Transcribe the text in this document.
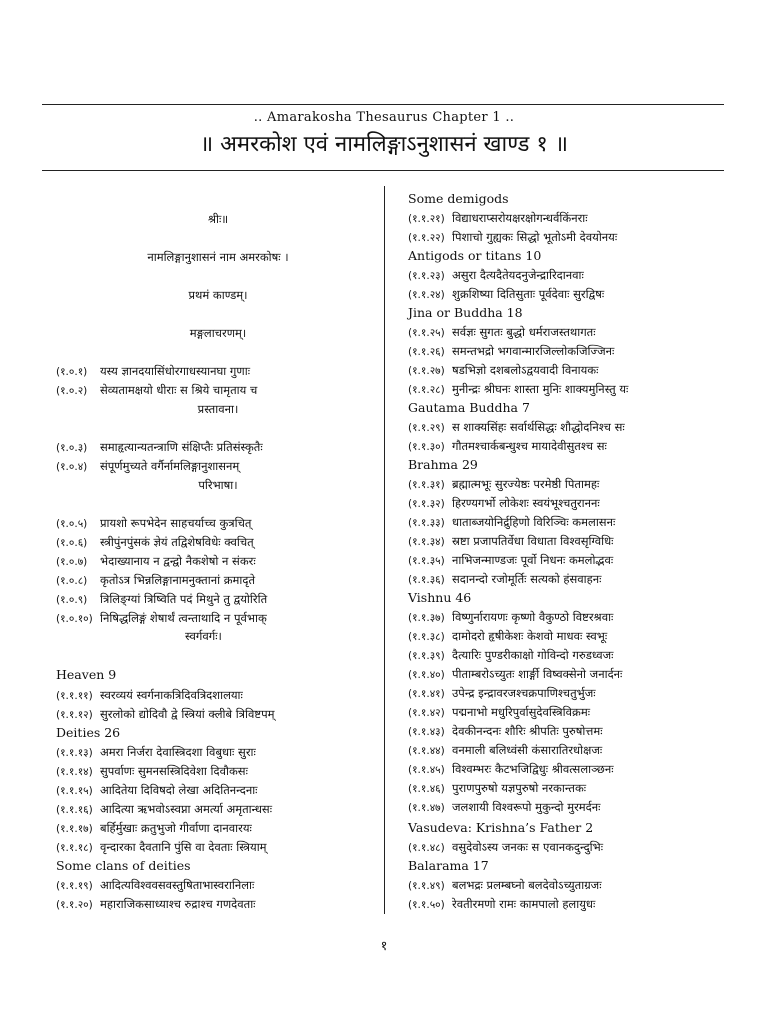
.. Amarakosha Thesaurus Chapter 1 ..
॥ अमरकोश एवं नामलिङ्गाऽनुशासनं खाण्ड १ ॥
श्रीः॥
नामलिङ्गानुशासनं नाम अमरकोषः ।
प्रथमं काण्डम्।
मङ्गलाचरणम्।
(१.०.१) यस्य ज्ञानदयासिंधोरगाधस्यानघा गुणाः
(१.०.२) सेव्यतामक्षयो धीराः स श्रिये चामृताय च
प्रस्तावना।
(१.०.३) समाहृत्यान्यतन्त्राणि संक्षिप्तैः प्रतिसंस्कृतैः
(१.०.४) संपूर्णमुच्यते वर्गैर्नामलिङ्गानुशासनम्
परिभाषा।
(१.०.५) प्रायशो रूपभेदेन साहचर्याच्च कुत्रचित्
(१.०.६) स्त्रीपुंनपुंसकं ज्ञेयं तद्विशेषविधेः क्वचित्
(१.०.७) भेदाख्यानाय न द्वन्द्वो नैकशेषो न संकरः
(१.०.८) कृतोऽत्र भिन्नलिङ्गानामनुक्तानां क्रमादृते
(१.०.९) त्रिलिङ्ग्यां त्रिष्विति पदं मिथुने तु द्वयोरिति
(१.०.१०) निषिद्धलिङ्गं शेषार्थं त्वन्ताथादि न पूर्वभाक्
स्वर्गवर्गः।
Heaven 9
(१.१.११) स्वरव्ययं स्वर्गनाकत्रिदिवत्रिदशालयाः
(१.१.१२) सुरलोको द्योदिवौ द्वे स्त्रियां क्लीबे त्रिविष्टपम्
Deities 26
(१.१.१३) अमरा निर्जरा देवास्त्रिदशा विबुधाः सुराः
(१.१.१४) सुपर्वाणः सुमनसस्त्रिदिवेशा दिवौकसः
(१.१.१५) आदितेया दिविषदो लेखा अदितिनन्दनाः
(१.१.१६) आदित्या ऋभवोऽस्वप्ना अमर्त्या अमृतान्धसः
(१.१.१७) बर्हिर्मुखाः क्रतुभुजो गीर्वाणा दानवारयः
(१.१.१८) वृन्दारका दैवतानि पुंसि वा देवताः स्त्रियाम्
Some clans of deities
(१.१.१९) आदित्यविश्ववसवस्तुषिताभास्वरानिलाः
(१.१.२०) महाराजिकसाध्याश्च रुद्राश्च गणदेवताः
Some demigods
(१.१.२१) विद्याधराप्सरोयक्षरक्षोगन्धर्वकिंनराः
(१.१.२२) पिशाचो गुह्यकः सिद्धो भूतोऽमी देवयोनयः
Antigods or titans 10
(१.१.२३) असुरा दैत्यदैतेयदनुजेन्द्रारिदानवाः
(१.१.२४) शुक्रशिष्या दितिसुताः पूर्वदेवाः सुरद्विषः
Jina or Buddha 18
(१.१.२५) सर्वज्ञः सुगतः बुद्धो धर्मराजस्तथागतः
(१.१.२६) समन्तभद्रो भगवान्मारजिल्लोकजिज्जिनः
(१.१.२७) षडभिज्ञो दशबलोऽद्वयवादी विनायकः
(१.१.२८) मुनीन्द्रः श्रीघनः शास्ता मुनिः शाक्यमुनिस्तु यः
Gautama Buddha 7
(१.१.२९) स शाक्यसिंहः सर्वार्थसिद्धः शौद्धोदनिश्च सः
(१.१.३०) गौतमश्चार्कबन्धुश्च मायादेवीसुतश्च सः
Brahma 29
(१.१.३१) ब्रह्मात्मभूः सुरज्येष्ठः परमेष्ठी पितामहः
(१.१.३२) हिरण्यगर्भो लोकेशः स्वयंभूश्चतुराननः
(१.१.३३) धाताब्जयोनिर्द्रुहिणो विरिञ्चिः कमलासनः
(१.१.३४) स्रष्टा प्रजापतिर्वेधा विधाता विश्वसृग्विधिः
(१.१.३५) नाभिजन्माण्डजः पूर्वो निधनः कमलोद्भवः
(१.१.३६) सदानन्दो रजोमूर्तिः सत्यको हंसवाहनः
Vishnu 46
(१.१.३७) विष्णुर्नारायणः कृष्णो वैकुण्ठो विष्टरश्रवाः
(१.१.३८) दामोदरो हृषीकेशः केशवो माधवः स्वभूः
(१.१.३९) दैत्यारिः पुण्डरीकाक्षो गोविन्दो गरुडध्वजः
(१.१.४०) पीताम्बरोऽच्युतः शार्ङ्गी विष्वक्सेनो जनार्दनः
(१.१.४१) उपेन्द्र इन्द्रावरजश्चक्रपाणिश्चतुर्भुजः
(१.१.४२) पद्मनाभो मधुरिपुर्वासुदेवस्त्रिविक्रमः
(१.१.४३) देवकीनन्दनः शौरिः श्रीपतिः पुरुषोत्तमः
(१.१.४४) वनमाली बलिध्वंसी कंसारातिरधोक्षजः
(१.१.४५) विश्वम्भरः कैटभजिद्विधुः श्रीवत्सलाञ्छनः
(१.१.४६) पुराणपुरुषो यज्ञपुरुषो नरकान्तकः
(१.१.४७) जलशायी विश्वरूपो मुकुन्दो मुरमर्दनः
Vasudeva: Krishna’s Father 2
(१.१.४८) वसुदेवोऽस्य जनकः स एवानकदुन्दुभिः
Balarama 17
(१.१.४९) बलभद्रः प्रलम्बघ्नो बलदेवोऽच्युताग्रजः
(१.१.५०) रेवतीरमणो रामः कामपालो हलायुधः
१
